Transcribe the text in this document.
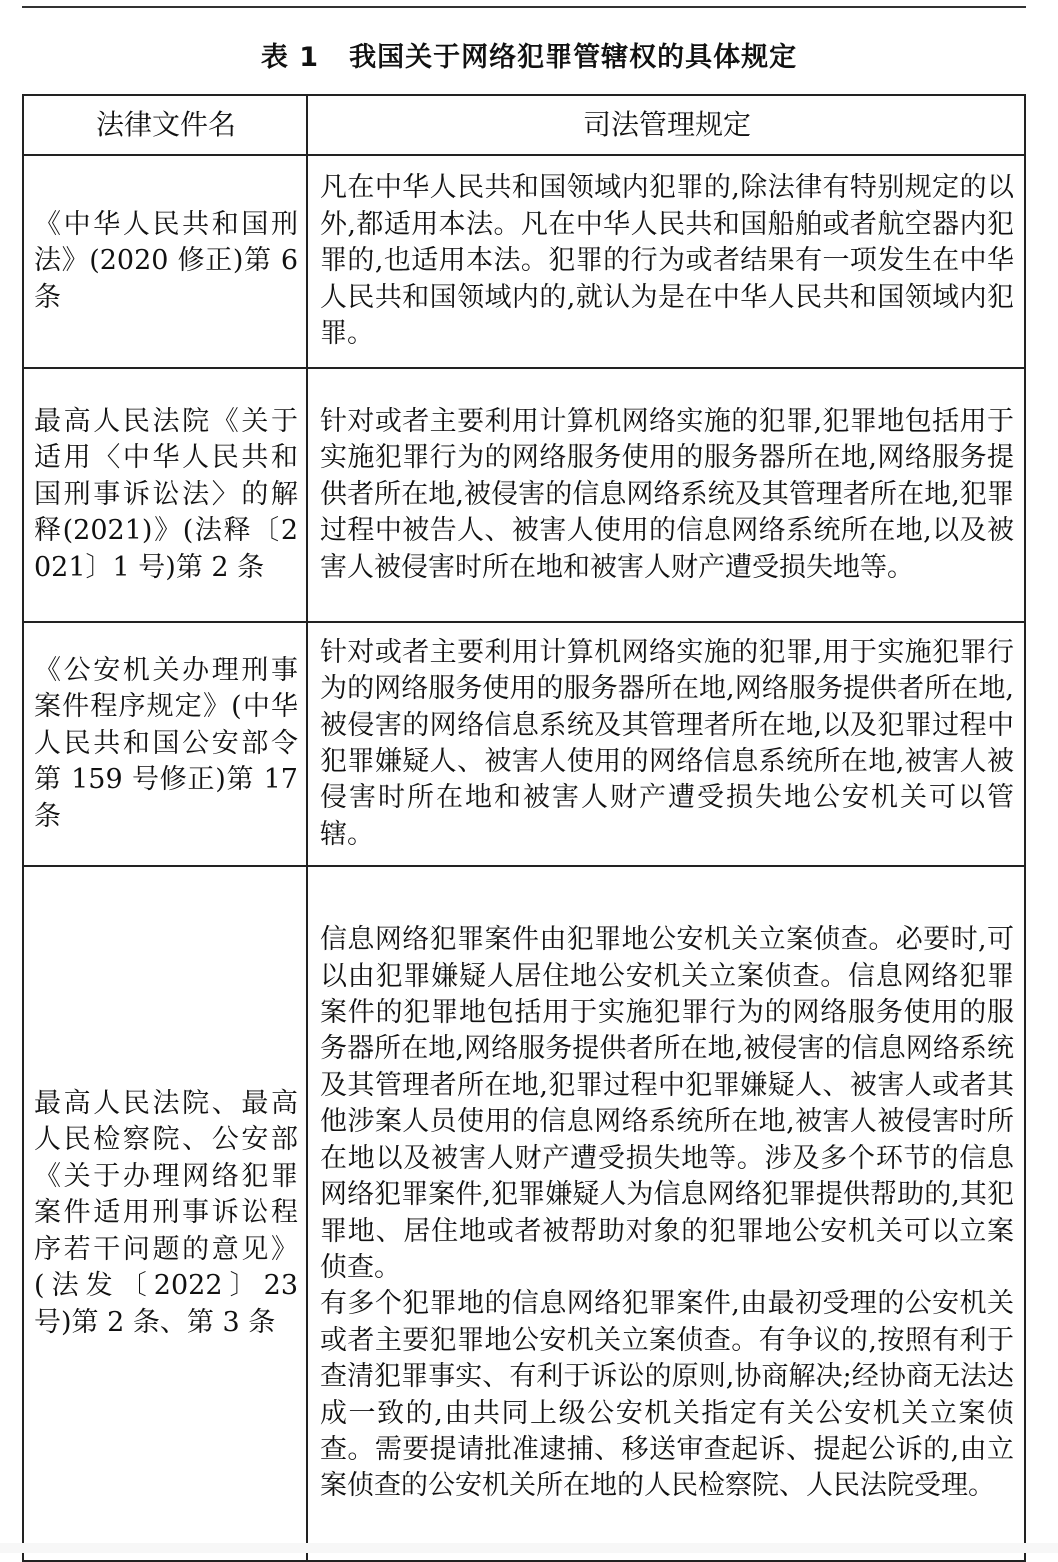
表 1 我国关于网络犯罪管辖权的具体规定
法律文件名	司法管理规定
《中华人民共和国刑法》(2020 修正)第 6 条	凡在中华人民共和国领域内犯罪的,除法律有特别规定的以外,都适用本法。凡在中华人民共和国船舶或者航空器内犯罪的,也适用本法。犯罪的行为或者结果有一项发生在中华人民共和国领域内的,就认为是在中华人民共和国领域内犯罪。

最高人民法院《关于适用〈中华人民共和国刑事诉讼法〉的解释(2021)》(法释〔2021〕1 号)第 2 条	针对或者主要利用计算机网络实施的犯罪,犯罪地包括用于实施犯罪行为的网络服务使用的服务器所在地,网络服务提供者所在地,被侵害的信息网络系统及其管理者所在地,犯罪过程中被告人、被害人使用的信息网络系统所在地,以及被害人被侵害时所在地和被害人财产遭受损失地等。

《公安机关办理刑事案件程序规定》(中华人民共和国公安部令第 159 号修正)第 17 条	针对或者主要利用计算机网络实施的犯罪,用于实施犯罪行为的网络服务使用的服务器所在地,网络服务提供者所在地,被侵害的网络信息系统及其管理者所在地,以及犯罪过程中犯罪嫌疑人、被害人使用的网络信息系统所在地,被害人被侵害时所在地和被害人财产遭受损失地公安机关可以管辖。

最高人民法院、最高人民检察院、公安部《关于办理网络犯罪案件适用刑事诉讼程序若干问题的意见》(法发〔2022〕23 号)第 2 条、第 3 条	信息网络犯罪案件由犯罪地公安机关立案侦查。必要时,可以由犯罪嫌疑人居住地公安机关立案侦查。信息网络犯罪案件的犯罪地包括用于实施犯罪行为的网络服务使用的服务器所在地,网络服务提供者所在地,被侵害的信息网络系统及其管理者所在地,犯罪过程中犯罪嫌疑人、被害人或者其他涉案人员使用的信息网络系统所在地,被害人被侵害时所在地以及被害人财产遭受损失地等。涉及多个环节的信息网络犯罪案件,犯罪嫌疑人为信息网络犯罪提供帮助的,其犯罪地、居住地或者被帮助对象的犯罪地公安机关可以立案侦查。
有多个犯罪地的信息网络犯罪案件,由最初受理的公安机关或者主要犯罪地公安机关立案侦查。有争议的,按照有利于查清犯罪事实、有利于诉讼的原则,协商解决;经协商无法达成一致的,由共同上级公安机关指定有关公安机关立案侦查。需要提请批准逮捕、移送审查起诉、提起公诉的,由立案侦查的公安机关所在地的人民检察院、人民法院受理。
